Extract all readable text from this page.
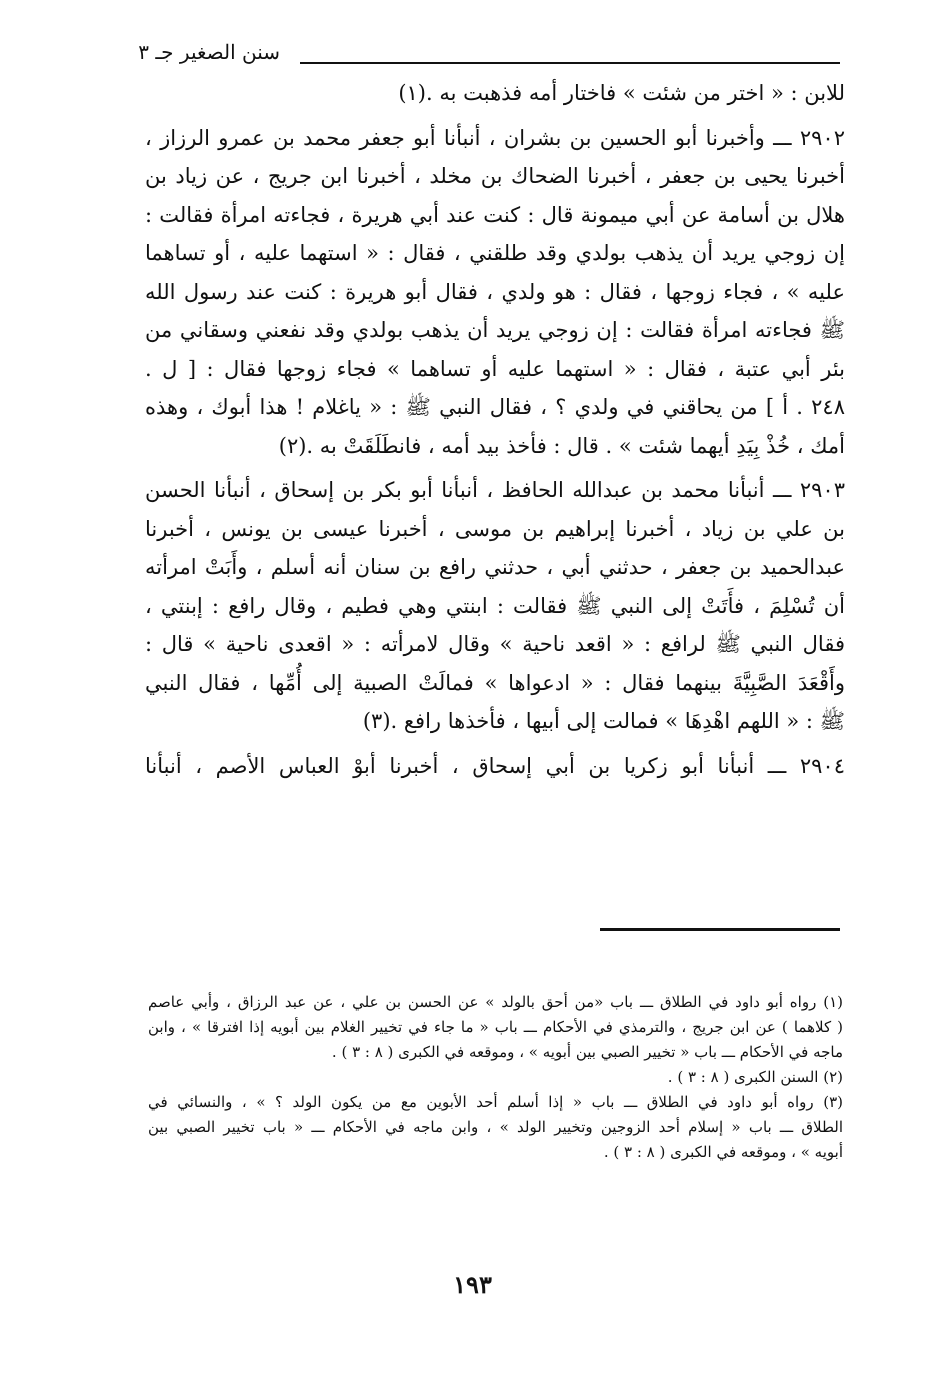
سنن الصغير جـ ٣

للابن : « اختر من شئت » فاختار أمه فذهبت به .(١)

٢٩٠٢ ـــ وأخبرنا أبو الحسين بن بشران ، أنبأنا أبو جعفر محمد بن عمرو الرزاز ،

أخبرنا يحيى بن جعفر ، أخبرنا الضحاك بن مخلد ، أخبرنا ابن جريج ، عن زياد بن

هلال بن أسامة عن أبي ميمونة قال : كنت عند أبي هريرة ، فجاءته امرأة فقالت :

إن زوجي يريد أن يذهب بولدي وقد طلقني ، فقال : « استهما عليه ، أو تساهما

عليه » ، فجاء زوجها ، فقال : هو ولدي ، فقال أبو هريرة : كنت عند رسول الله

ﷺ فجاءته امرأة فقالت : إن زوجي يريد أن يذهب بولدي وقد نفعني وسقاني من

بئر أبي عتبة ، فقال : « استهما عليه أو تساهما » فجاء زوجها فقال : [ ل .

٢٤٨ . أ ] من يحاقني في ولدي ؟ ، فقال النبي ﷺ : « ياغلام ! هذا أبوك ، وهذه

أمك ، خُذْ بِيَدِ أيهما شئت » . قال : فأخذ بيد أمه ، فانطَلَقَتْ به .(٢)

٢٩٠٣ ـــ أنبأنا محمد بن عبدالله الحافظ ، أنبأنا أبو بكر بن إسحاق ، أنبأنا الحسن

بن علي بن زياد ، أخبرنا إبراهيم بن موسى ، أخبرنا عيسى بن يونس ، أخبرنا

عبدالحميد بن جعفر ، حدثني أبي ، حدثني رافع بن سنان أنه أسلم ، وأَبَتْ امرأته

أن تُسْلِمَ ، فأَتَتْ إلى النبي ﷺ فقالت : ابنتي وهي فطيم ، وقال رافع : إبنتي ،

فقال النبي ﷺ لرافع : « اقعد ناحية » وقال لامرأته : « اقعدى ناحية » قال :

وأَقْعَدَ الصَّبِيَّةَ بينهما فقال : « ادعواها » فمالَتْ الصبية إلى أُمِّها ، فقال النبي

ﷺ : « اللهم اهْدِهَا » فمالت إلى أبيها ، فأخذها رافع .(٣)

٢٩٠٤ ـــ أنبأنا أبو زكريا بن أبي إسحاق ، أخبرنا أبوْ العباس الأصم ، أنبأنا

(١) رواه أبو داود في الطلاق ـــ باب «من أحق بالولد » عن الحسن بن علي ، عن عبد الرزاق ، وأبي عاصم

( كلاهما ) عن ابن جريج ، والترمذي في الأحكام ـــ باب « ما جاء في تخيير الغلام بين أبويه إذا افترقا » ، وابن

ماجه في الأحكام ـــ باب « تخيير الصبي بين أبويه » ، وموقعه في الكبرى ( ٨ : ٣ ) .

(٢) السنن الكبرى ( ٨ : ٣ ) .

(٣) رواه أبو داود في الطلاق ـــ باب « إذا أسلم أحد الأبوين مع من يكون الولد ؟ » ، والنسائي في

الطلاق ـــ باب « إسلام أحد الزوجين وتخيير الولد » ، وابن ماجه في الأحكام ـــ « باب تخيير الصبي بين

أبويه » ، وموقعه في الكبرى ( ٨ : ٣ ) .

١٩٣
